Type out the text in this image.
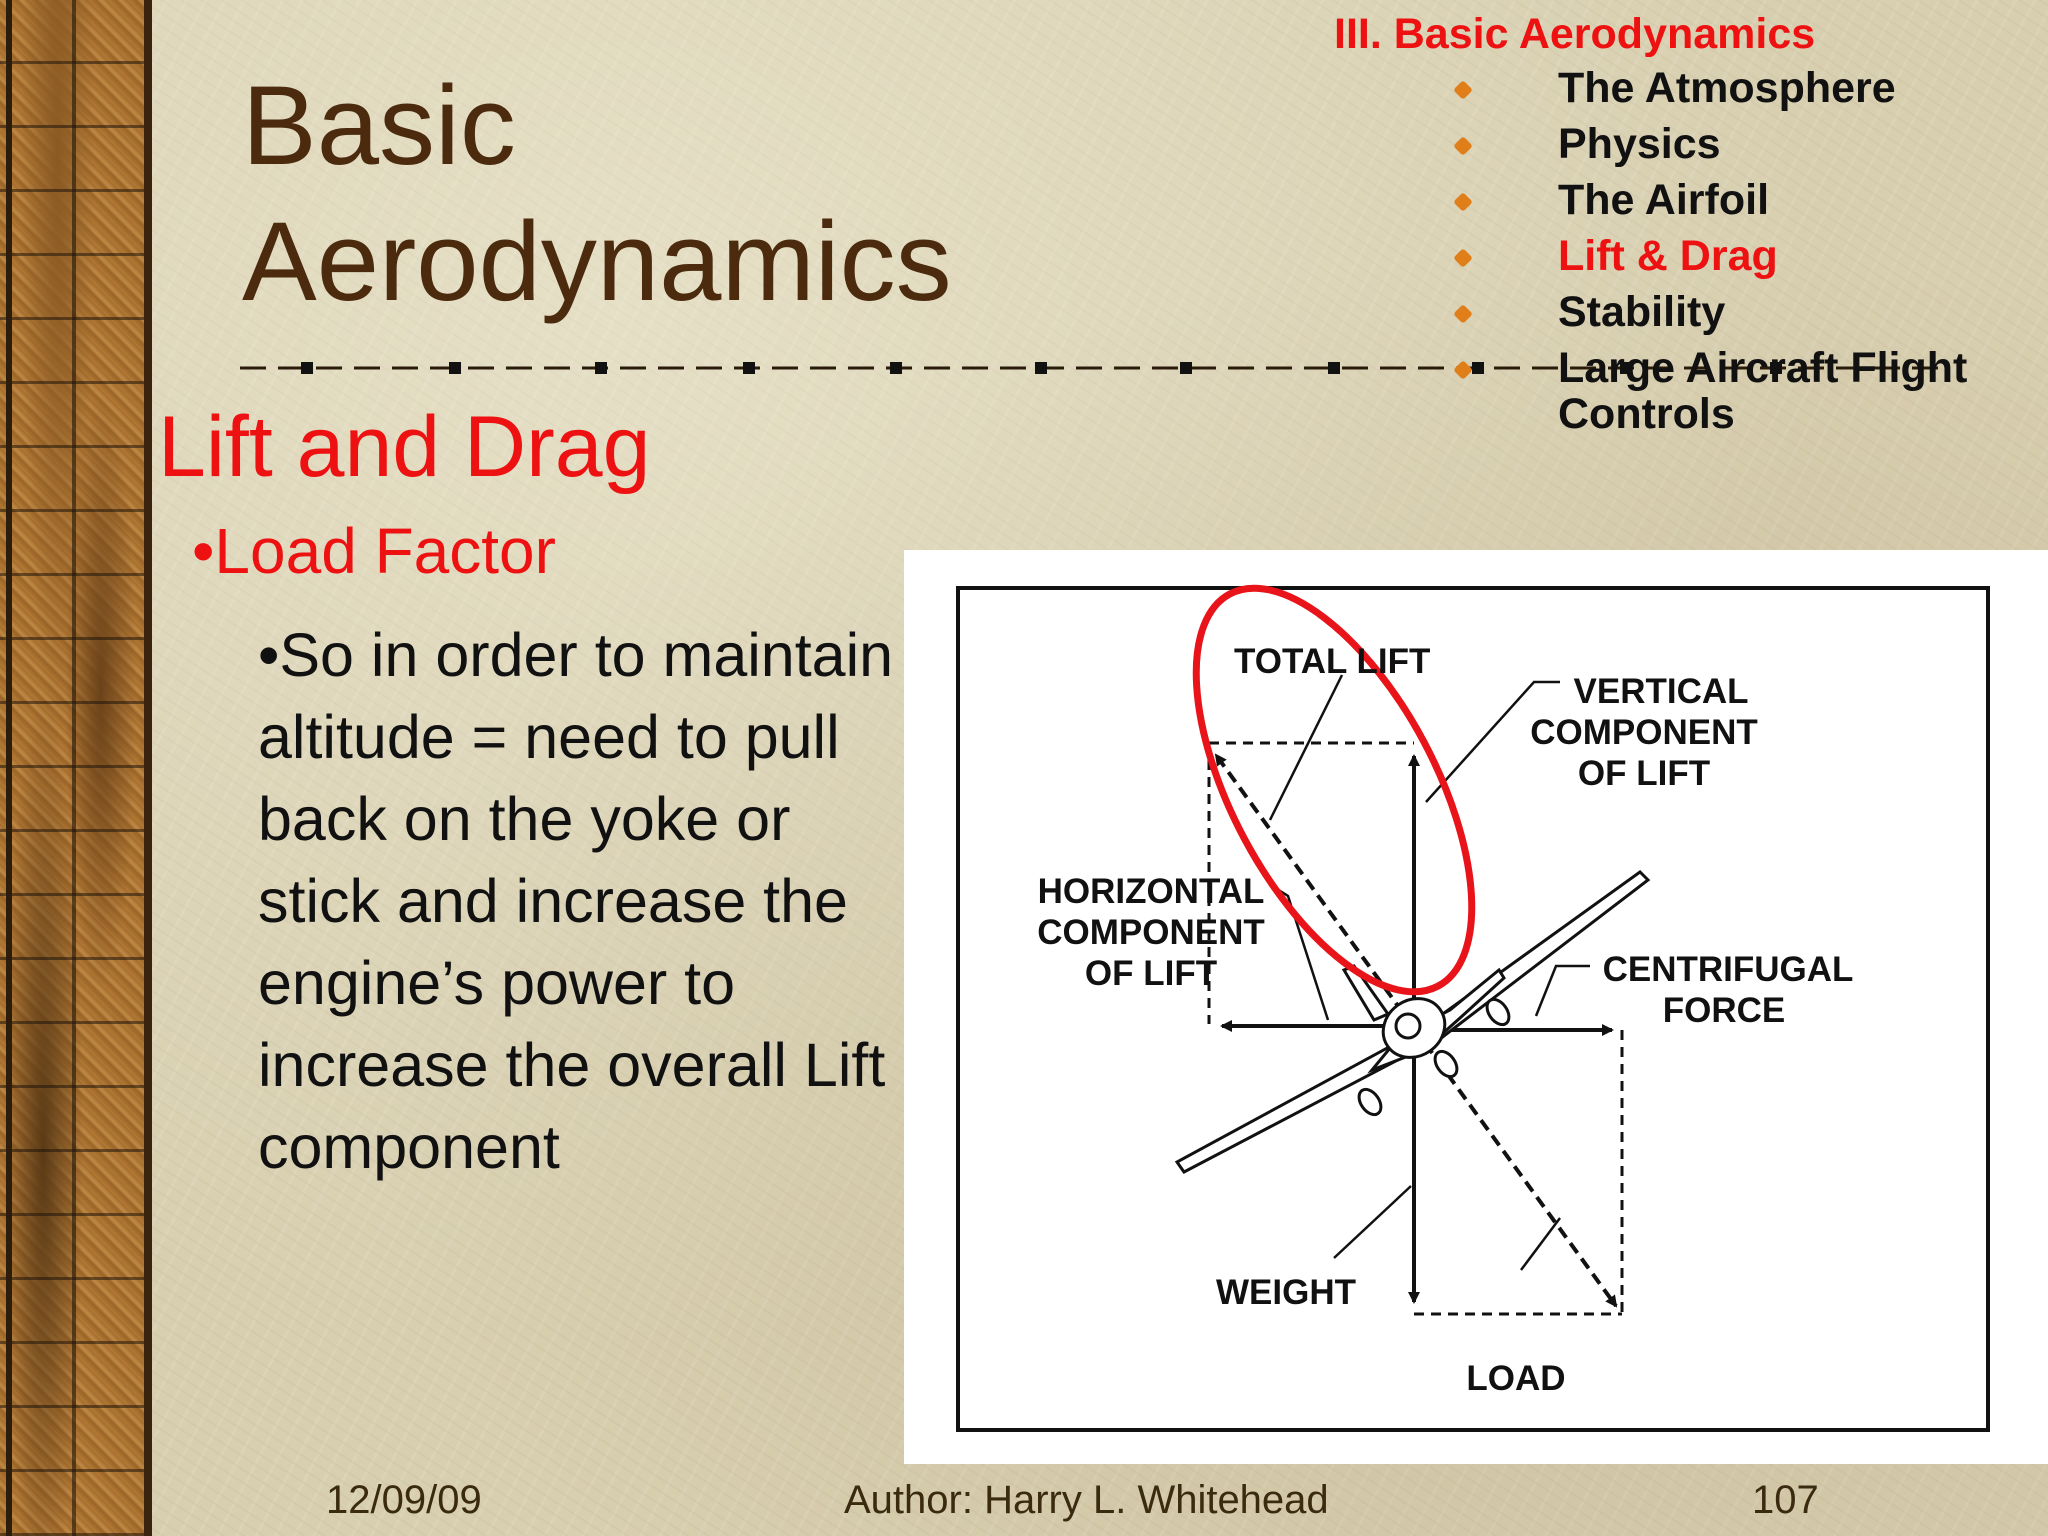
Basic
Aerodynamics
Lift and Drag
•Load Factor
•So in order to maintain altitude = need to pull back on the yoke or stick and increase the engine’s power to increase the overall Lift component
III. Basic Aerodynamics
The Atmosphere
Physics
The Airfoil
Lift & Drag
Stability
Large Aircraft Flight Controls
TOTAL LIFT
VERTICAL
COMPONENT
OF LIFT
HORIZONTAL
COMPONENT
OF LIFT	CENTRIFUGAL
FORCE
WEIGHT
LOAD
12/09/09	Author: Harry L. Whitehead	107
